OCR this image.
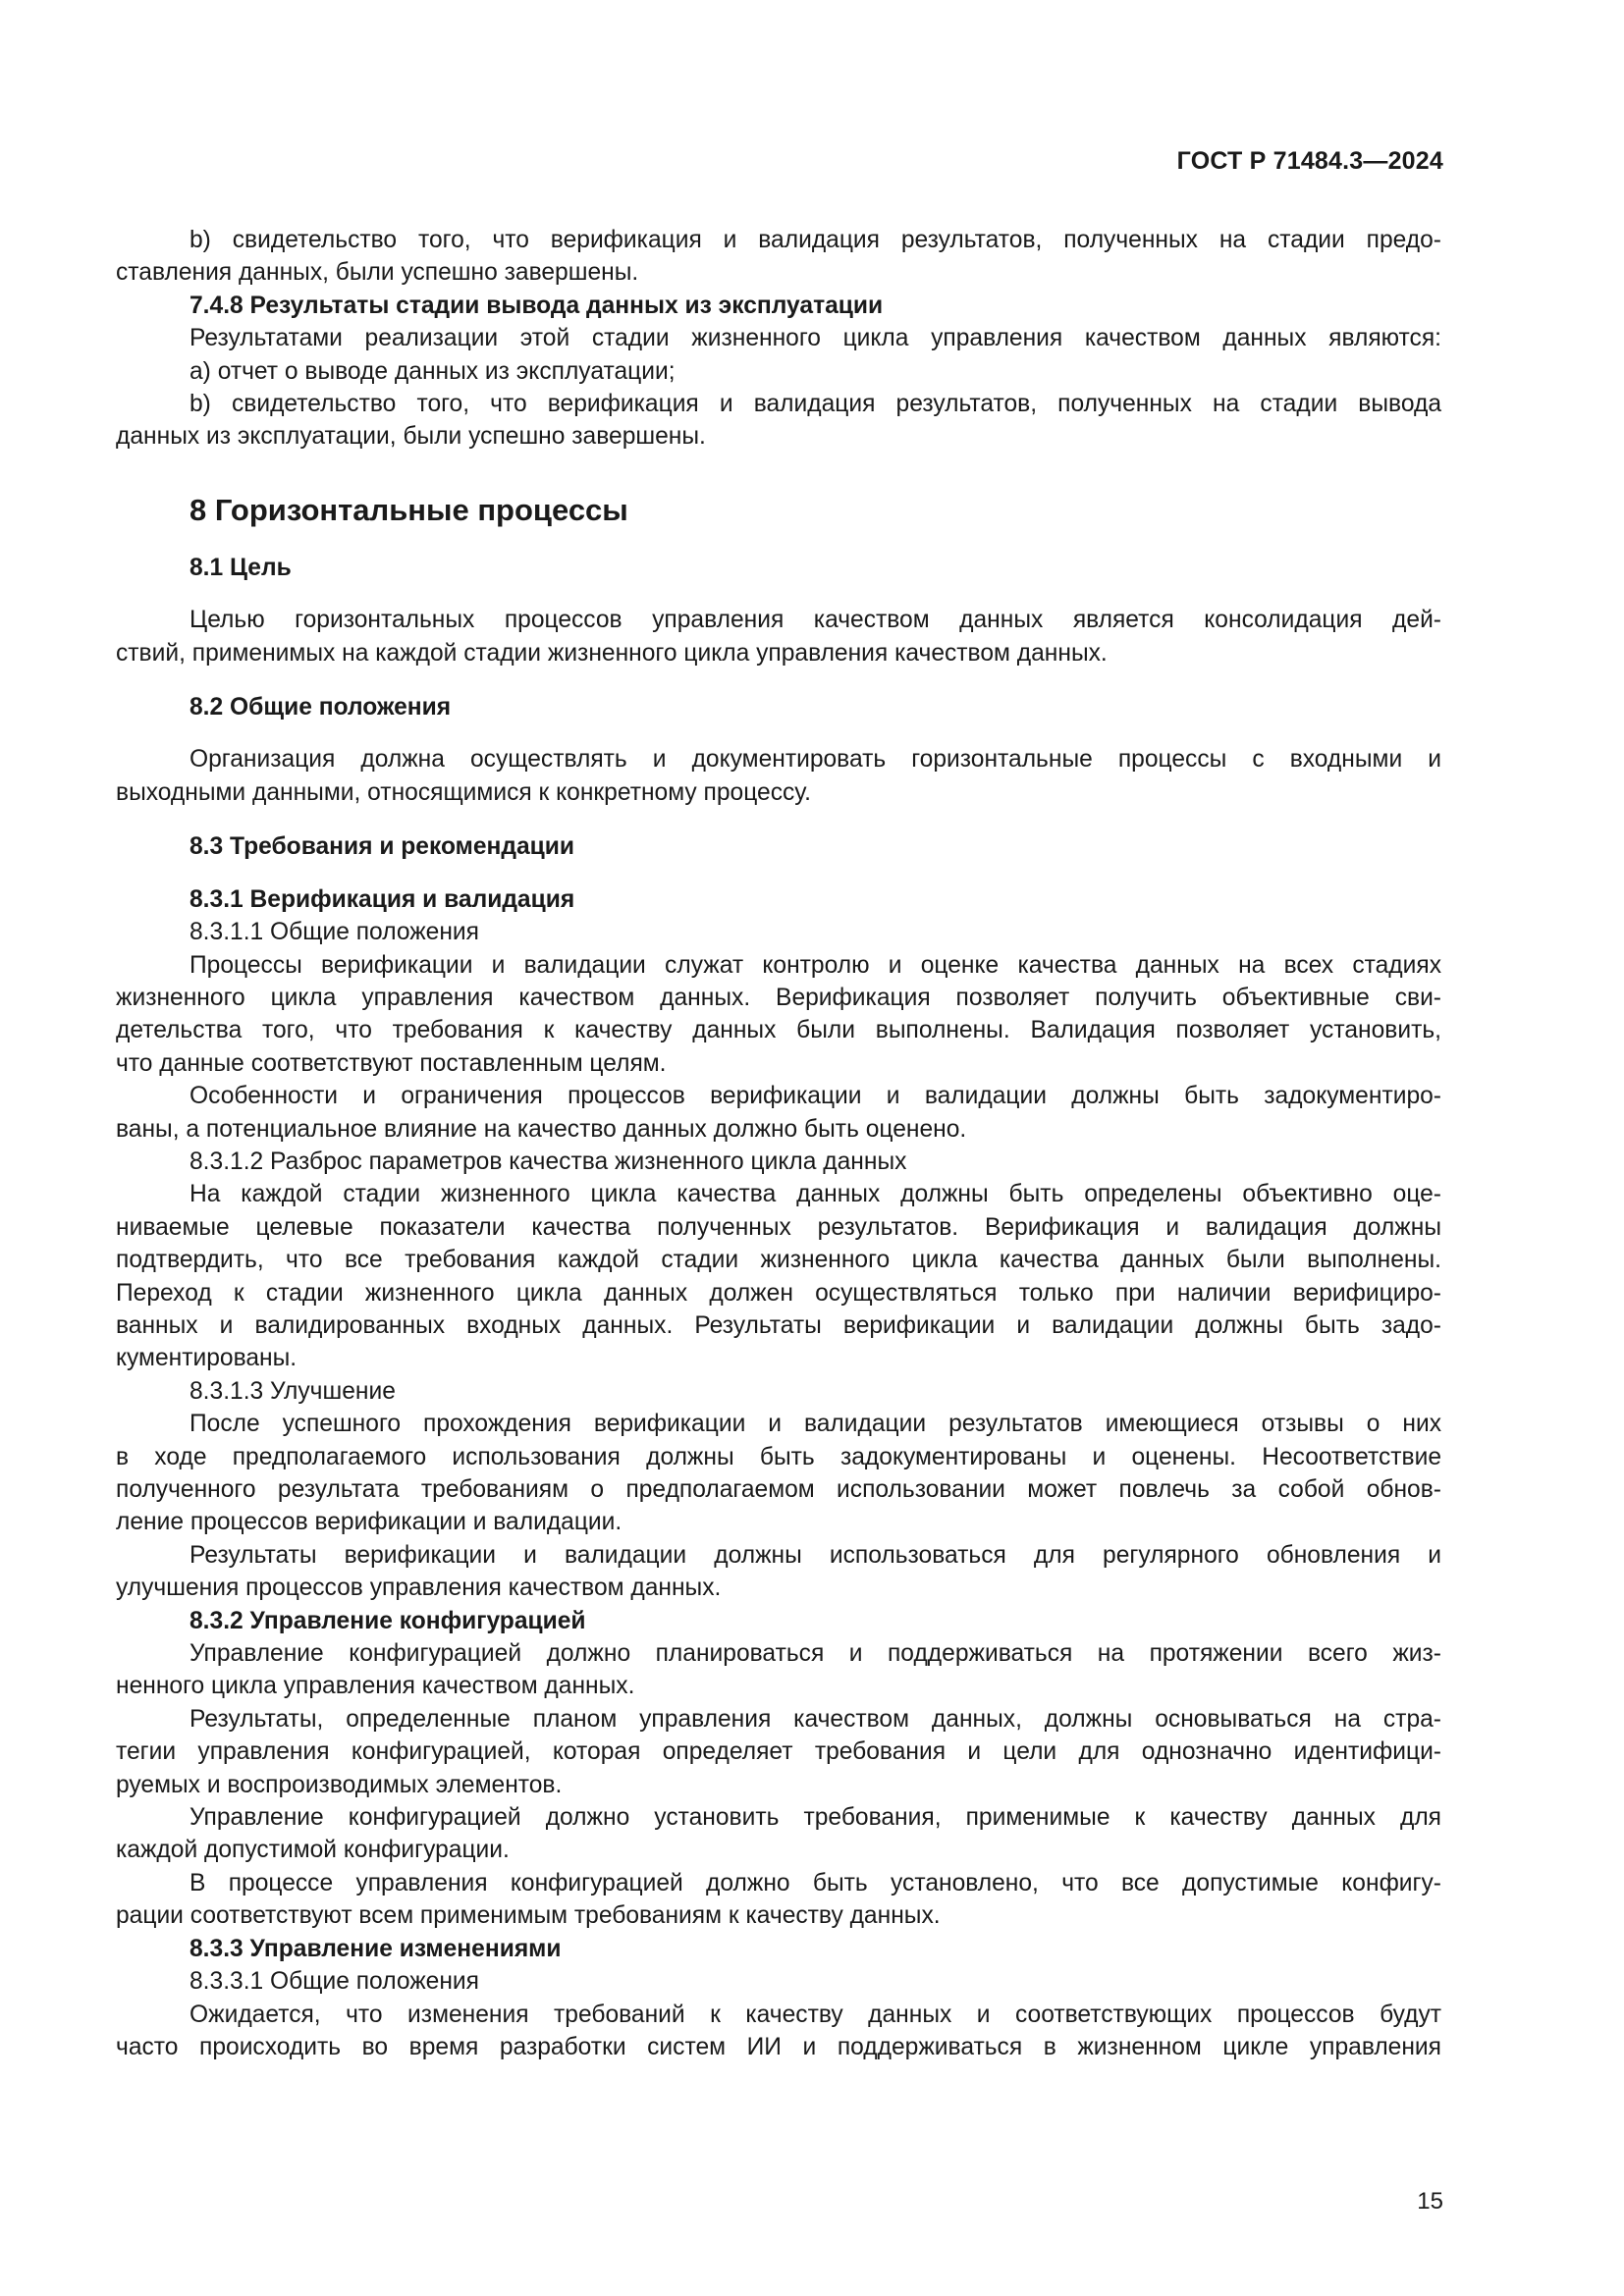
ГОСТ Р 71484.3—2024
b) свидетельство того, что верификация и валидация результатов, полученных на стадии предо-
ставления данных, были успешно завершены.
7.4.8 Результаты стадии вывода данных из эксплуатации
Результатами реализации этой стадии жизненного цикла управления качеством данных являются:
a) отчет о выводе данных из эксплуатации;
b) свидетельство того, что верификация и валидация результатов, полученных на стадии вывода
данных из эксплуатации, были успешно завершены.
8 Горизонтальные процессы
8.1 Цель
Целью горизонтальных процессов управления качеством данных является консолидация дей-
ствий, применимых на каждой стадии жизненного цикла управления качеством данных.
8.2 Общие положения
Организация должна осуществлять и документировать горизонтальные процессы с входными и
выходными данными, относящимися к конкретному процессу.
8.3 Требования и рекомендации
8.3.1 Верификация и валидация
8.3.1.1 Общие положения
Процессы верификации и валидации служат контролю и оценке качества данных на всех стадиях
жизненного цикла управления качеством данных. Верификация позволяет получить объективные сви-
детельства того, что требования к качеству данных были выполнены. Валидация позволяет установить,
что данные соответствуют поставленным целям.
Особенности и ограничения процессов верификации и валидации должны быть задокументиро-
ваны, а потенциальное влияние на качество данных должно быть оценено.
8.3.1.2 Разброс параметров качества жизненного цикла данных
На каждой стадии жизненного цикла качества данных должны быть определены объективно оце-
ниваемые целевые показатели качества полученных результатов. Верификация и валидация должны
подтвердить, что все требования каждой стадии жизненного цикла качества данных были выполнены.
Переход к стадии жизненного цикла данных должен осуществляться только при наличии верифициро-
ванных и валидированных входных данных. Результаты верификации и валидации должны быть задо-
кументированы.
8.3.1.3 Улучшение
После успешного прохождения верификации и валидации результатов имеющиеся отзывы о них
в ходе предполагаемого использования должны быть задокументированы и оценены. Несоответствие
полученного результата требованиям о предполагаемом использовании может повлечь за собой обнов-
ление процессов верификации и валидации.
Результаты верификации и валидации должны использоваться для регулярного обновления и
улучшения процессов управления качеством данных.
8.3.2 Управление конфигурацией
Управление конфигурацией должно планироваться и поддерживаться на протяжении всего жиз-
ненного цикла управления качеством данных.
Результаты, определенные планом управления качеством данных, должны основываться на стра-
тегии управления конфигурацией, которая определяет требования и цели для однозначно идентифици-
руемых и воспроизводимых элементов.
Управление конфигурацией должно установить требования, применимые к качеству данных для
каждой допустимой конфигурации.
В процессе управления конфигурацией должно быть установлено, что все допустимые конфигу-
рации соответствуют всем применимым требованиям к качеству данных.
8.3.3 Управление изменениями
8.3.3.1 Общие положения
Ожидается, что изменения требований к качеству данных и соответствующих процессов будут
часто происходить во время разработки систем ИИ и поддерживаться в жизненном цикле управления
15
